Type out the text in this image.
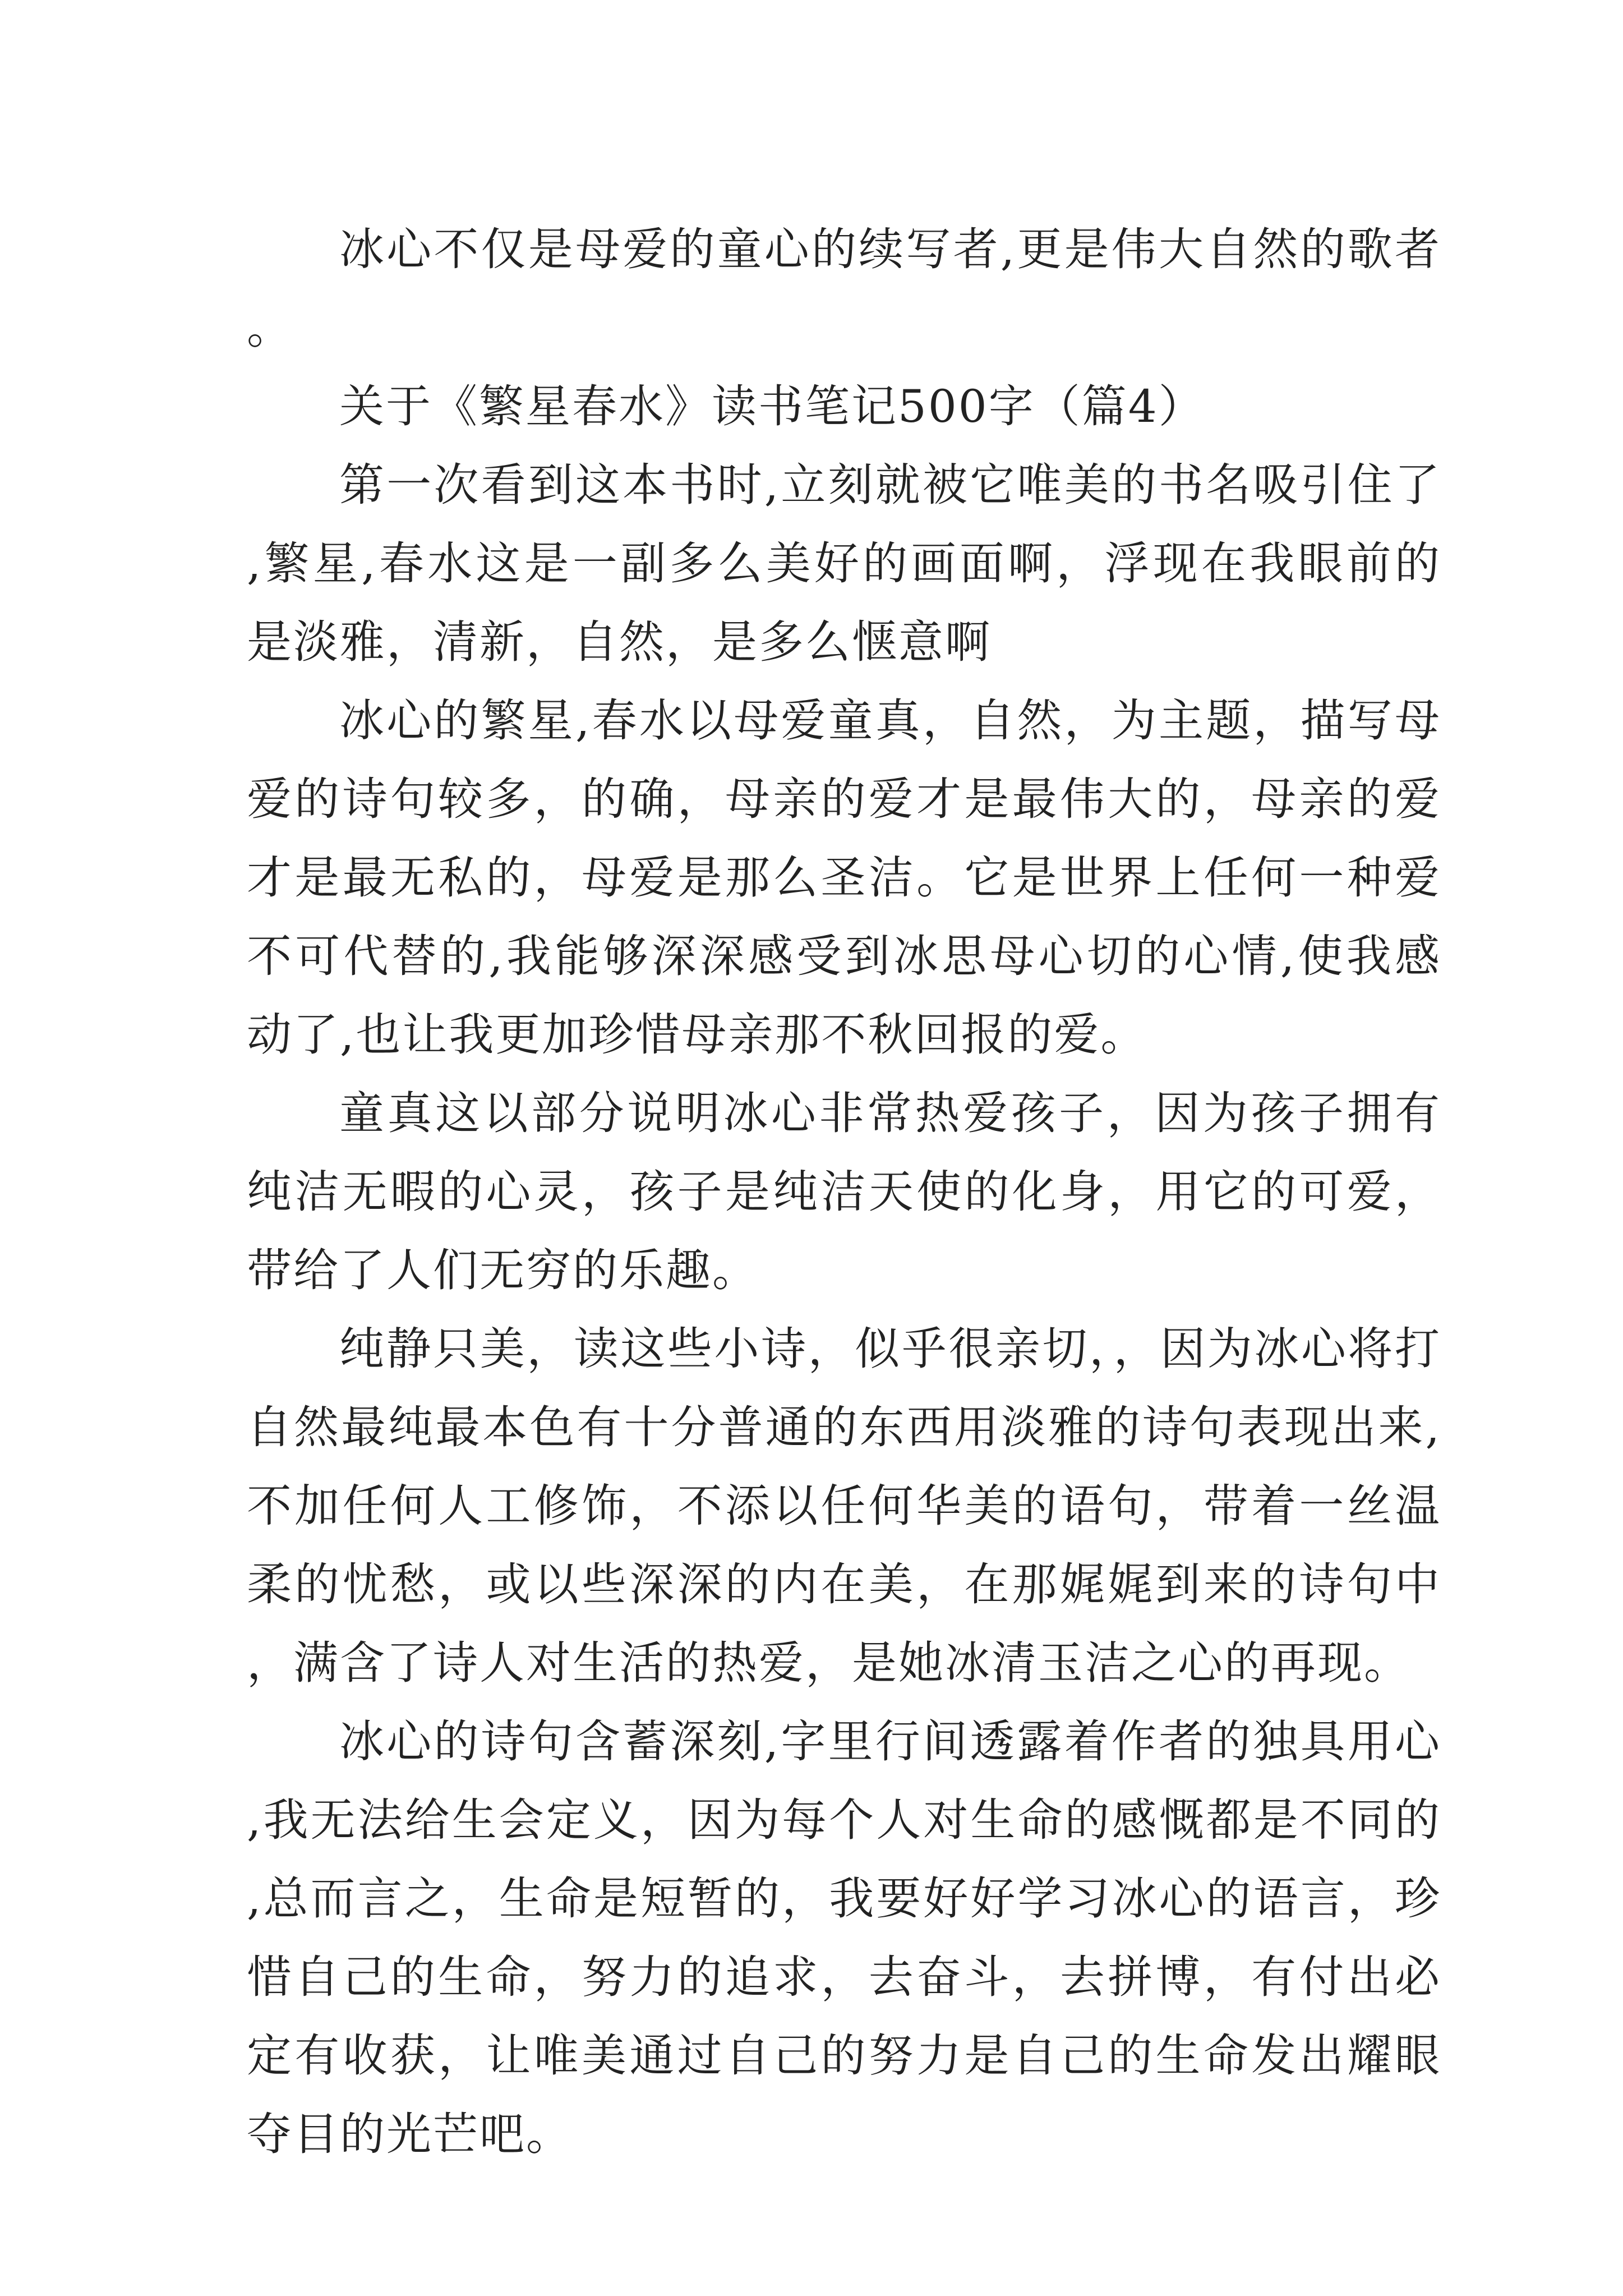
冰心不仅是母爱的童心的续写者,更是伟大自然的歌者。

关于《繁星春水》读书笔记500字（篇4）

第一次看到这本书时,立刻就被它唯美的书名吸引住了,繁星,春水这是一副多么美好的画面啊，浮现在我眼前的是淡雅，清新，自然，是多么惬意啊

冰心的繁星,春水以母爱童真，自然，为主题，描写母爱的诗句较多，的确，母亲的爱才是最伟大的，母亲的爱才是最无私的，母爱是那么圣洁。它是世界上任何一种爱不可代替的,我能够深深感受到冰思母心切的心情,使我感动了,也让我更加珍惜母亲那不秋回报的爱。

童真这以部分说明冰心非常热爱孩子，因为孩子拥有纯洁无暇的心灵，孩子是纯洁天使的化身，用它的可爱，带给了人们无穷的乐趣。

纯静只美，读这些小诗，似乎很亲切，，因为冰心将打自然最纯最本色有十分普通的东西用淡雅的诗句表现出来,不加任何人工修饰，不添以任何华美的语句，带着一丝温柔的忧愁，或以些深深的内在美，在那娓娓到来的诗句中，满含了诗人对生活的热爱，是她冰清玉洁之心的再现。

冰心的诗句含蓄深刻,字里行间透露着作者的独具用心,我无法给生会定义，因为每个人对生命的感慨都是不同的,总而言之，生命是短暂的，我要好好学习冰心的语言，珍惜自己的生命，努力的追求，去奋斗，去拼博，有付出必定有收获，让唯美通过自己的努力是自己的生命发出耀眼夺目的光芒吧。
